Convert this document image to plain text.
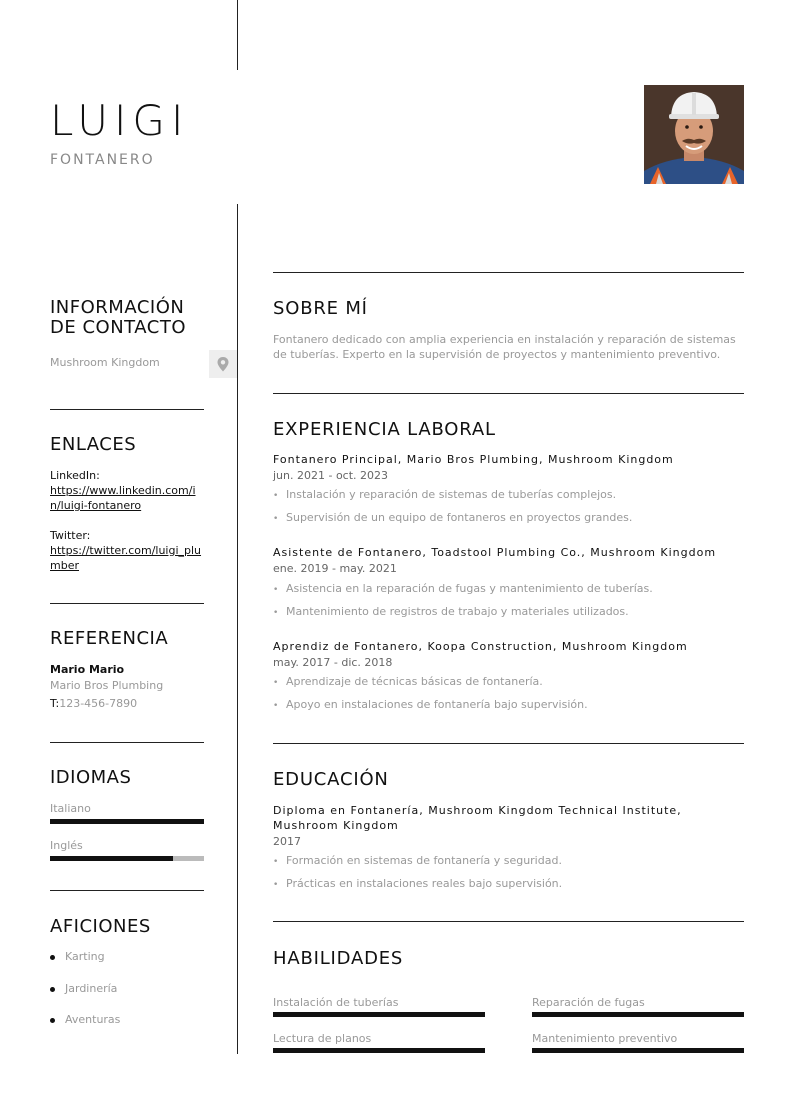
LUIGI
FONTANERO
INFORMACIÓN
DE CONTACTO
Mushroom Kingdom
ENLACES
LinkedIn:
https://www.linkedin.com/in/luigi-fontanero
Twitter:
https://twitter.com/luigi_plumber
REFERENCIA
Mario Mario
Mario Bros Plumbing
T:123-456-7890
IDIOMAS
Italiano
Inglés
AFICIONES
Karting
Jardinería
Aventuras
SOBRE MÍ
Fontanero dedicado con amplia experiencia en instalación y reparación de sistemas de tuberías. Experto en la supervisión de proyectos y mantenimiento preventivo.
EXPERIENCIA LABORAL
Fontanero Principal, Mario Bros Plumbing, Mushroom Kingdom
jun. 2021 - oct. 2023
• Instalación y reparación de sistemas de tuberías complejos.
• Supervisión de un equipo de fontaneros en proyectos grandes.
Asistente de Fontanero, Toadstool Plumbing Co., Mushroom Kingdom
ene. 2019 - may. 2021
• Asistencia en la reparación de fugas y mantenimiento de tuberías.
• Mantenimiento de registros de trabajo y materiales utilizados.
Aprendiz de Fontanero, Koopa Construction, Mushroom Kingdom
may. 2017 - dic. 2018
• Aprendizaje de técnicas básicas de fontanería.
• Apoyo en instalaciones de fontanería bajo supervisión.
EDUCACIÓN
Diploma en Fontanería, Mushroom Kingdom Technical Institute, Mushroom Kingdom
2017
• Formación en sistemas de fontanería y seguridad.
• Prácticas en instalaciones reales bajo supervisión.
HABILIDADES
Instalación de tuberías	Reparación de fugas
Lectura de planos	Mantenimiento preventivo
